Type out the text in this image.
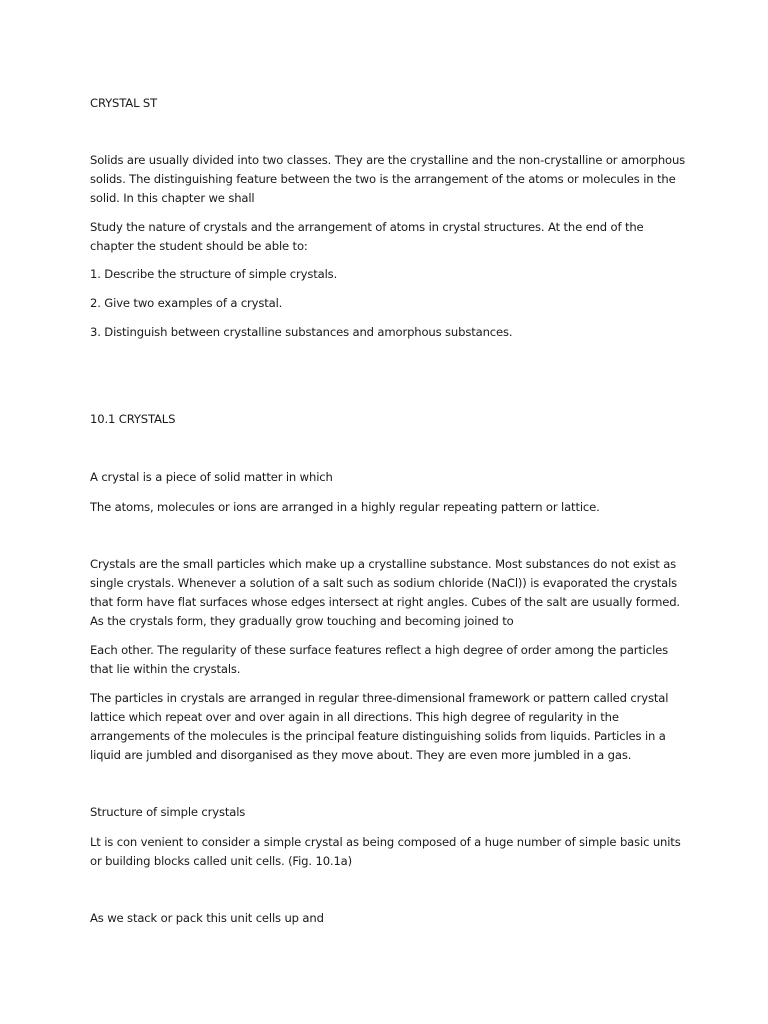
CRYSTAL ST

Solids are usually divided into two classes. They are the crystalline and the non-crystalline or amorphous
solids. The distinguishing feature between the two is the arrangement of the atoms or molecules in the
solid. In this chapter we shall

Study the nature of crystals and the arrangement of atoms in crystal structures. At the end of the
chapter the student should be able to:

1. Describe the structure of simple crystals.

2. Give two examples of a crystal.

3. Distinguish between crystalline substances and amorphous substances.

10.1 CRYSTALS

A crystal is a piece of solid matter in which

The atoms, molecules or ions are arranged in a highly regular repeating pattern or lattice.

Crystals are the small particles which make up a crystalline substance. Most substances do not exist as
single crystals. Whenever a solution of a salt such as sodium chloride (NaCl)) is evaporated the crystals
that form have flat surfaces whose edges intersect at right angles. Cubes of the salt are usually formed.
As the crystals form, they gradually grow touching and becoming joined to

Each other. The regularity of these surface features reflect a high degree of order among the particles
that lie within the crystals.

The particles in crystals are arranged in regular three-dimensional framework or pattern called crystal
lattice which repeat over and over again in all directions. This high degree of regularity in the
arrangements of the molecules is the principal feature distinguishing solids from liquids. Particles in a
liquid are jumbled and disorganised as they move about. They are even more jumbled in a gas.

Structure of simple crystals

Lt is con venient to consider a simple crystal as being composed of a huge number of simple basic units
or building blocks called unit cells. (Fig. 10.1a)

As we stack or pack this unit cells up and
